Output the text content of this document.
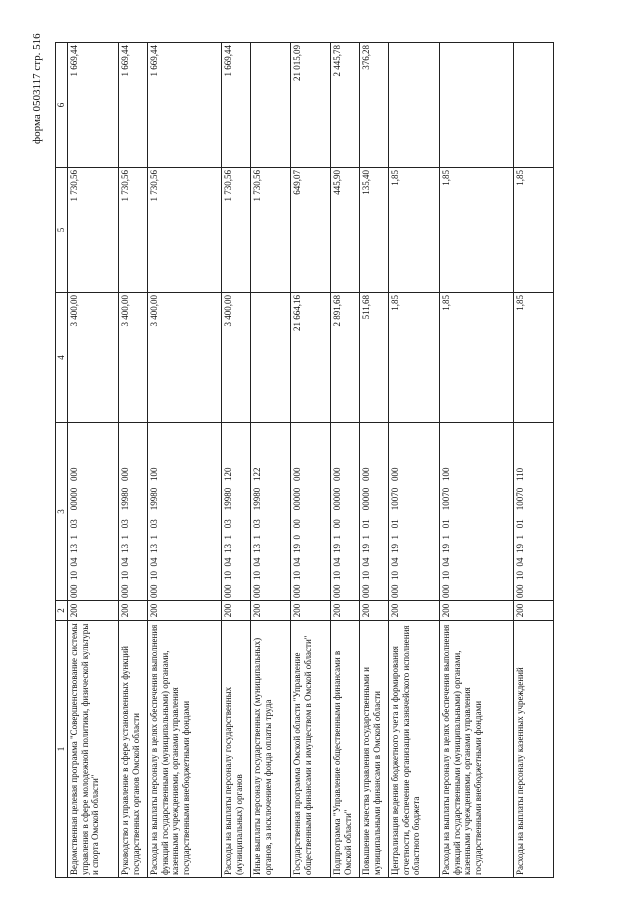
форма 0503117 стр. 516
1	2	3	4	5	6
Ведомственная целевая программа "Совершенствование системы управления в сфере молодежной политики, физической культуры и спорта Омской области"	200	000  10  04  13  1   03    00000   000	3 400,00	1 730,56	1 669,44
Руководство и управление в сфере установленных функций государственных органов Омской области	200	000  10  04  13  1   03    19980   000	3 400,00	1 730,56	1 669,44
Расходы на выплаты персоналу в целях обеспечения выполнения функций государственными (муниципальными) органами, казенными учреждениями, органами управления государственными внебюджетными фондами	200	000  10  04  13  1   03    19980   100	3 400,00	1 730,56	1 669,44
Расходы на выплаты персоналу государственных (муниципальных) органов	200	000  10  04  13  1   03    19980   120	3 400,00	1 730,56	1 669,44
Иные выплаты персоналу государственных (муниципальных) органов, за исключением фонда оплаты труда	200	000  10  04  13  1   03    19980   122		1 730,56	
Государственная программа Омской области "Управление общественными финансами и имуществом в Омской области"	200	000  10  04  19  0   00    00000   000	21 664,16	649,07	21 015,09
Подпрограмма "Управление общественными финансами в Омской области"	200	000  10  04  19  1   00    00000   000	2 891,68	445,90	2 445,78
Повышение качества управления государственными и муниципальными финансами в Омской области	200	000  10  04  19  1   01    00000   000	511,68	135,40	376,28
Централизация ведения бюджетного учета и формирования отчетности, обеспечение организации казначейского исполнения областного бюджета	200	000  10  04  19  1   01    10070   000	1,85	1,85	
Расходы на выплаты персоналу в целях обеспечения выполнения функций государственными (муниципальными) органами, казенными учреждениями, органами управления государственными внебюджетными фондами	200	000  10  04  19  1   01    10070   100	1,85	1,85	
Расходы на выплаты персоналу казенных учреждений	200	000  10  04  19  1   01    10070   110	1,85	1,85	
